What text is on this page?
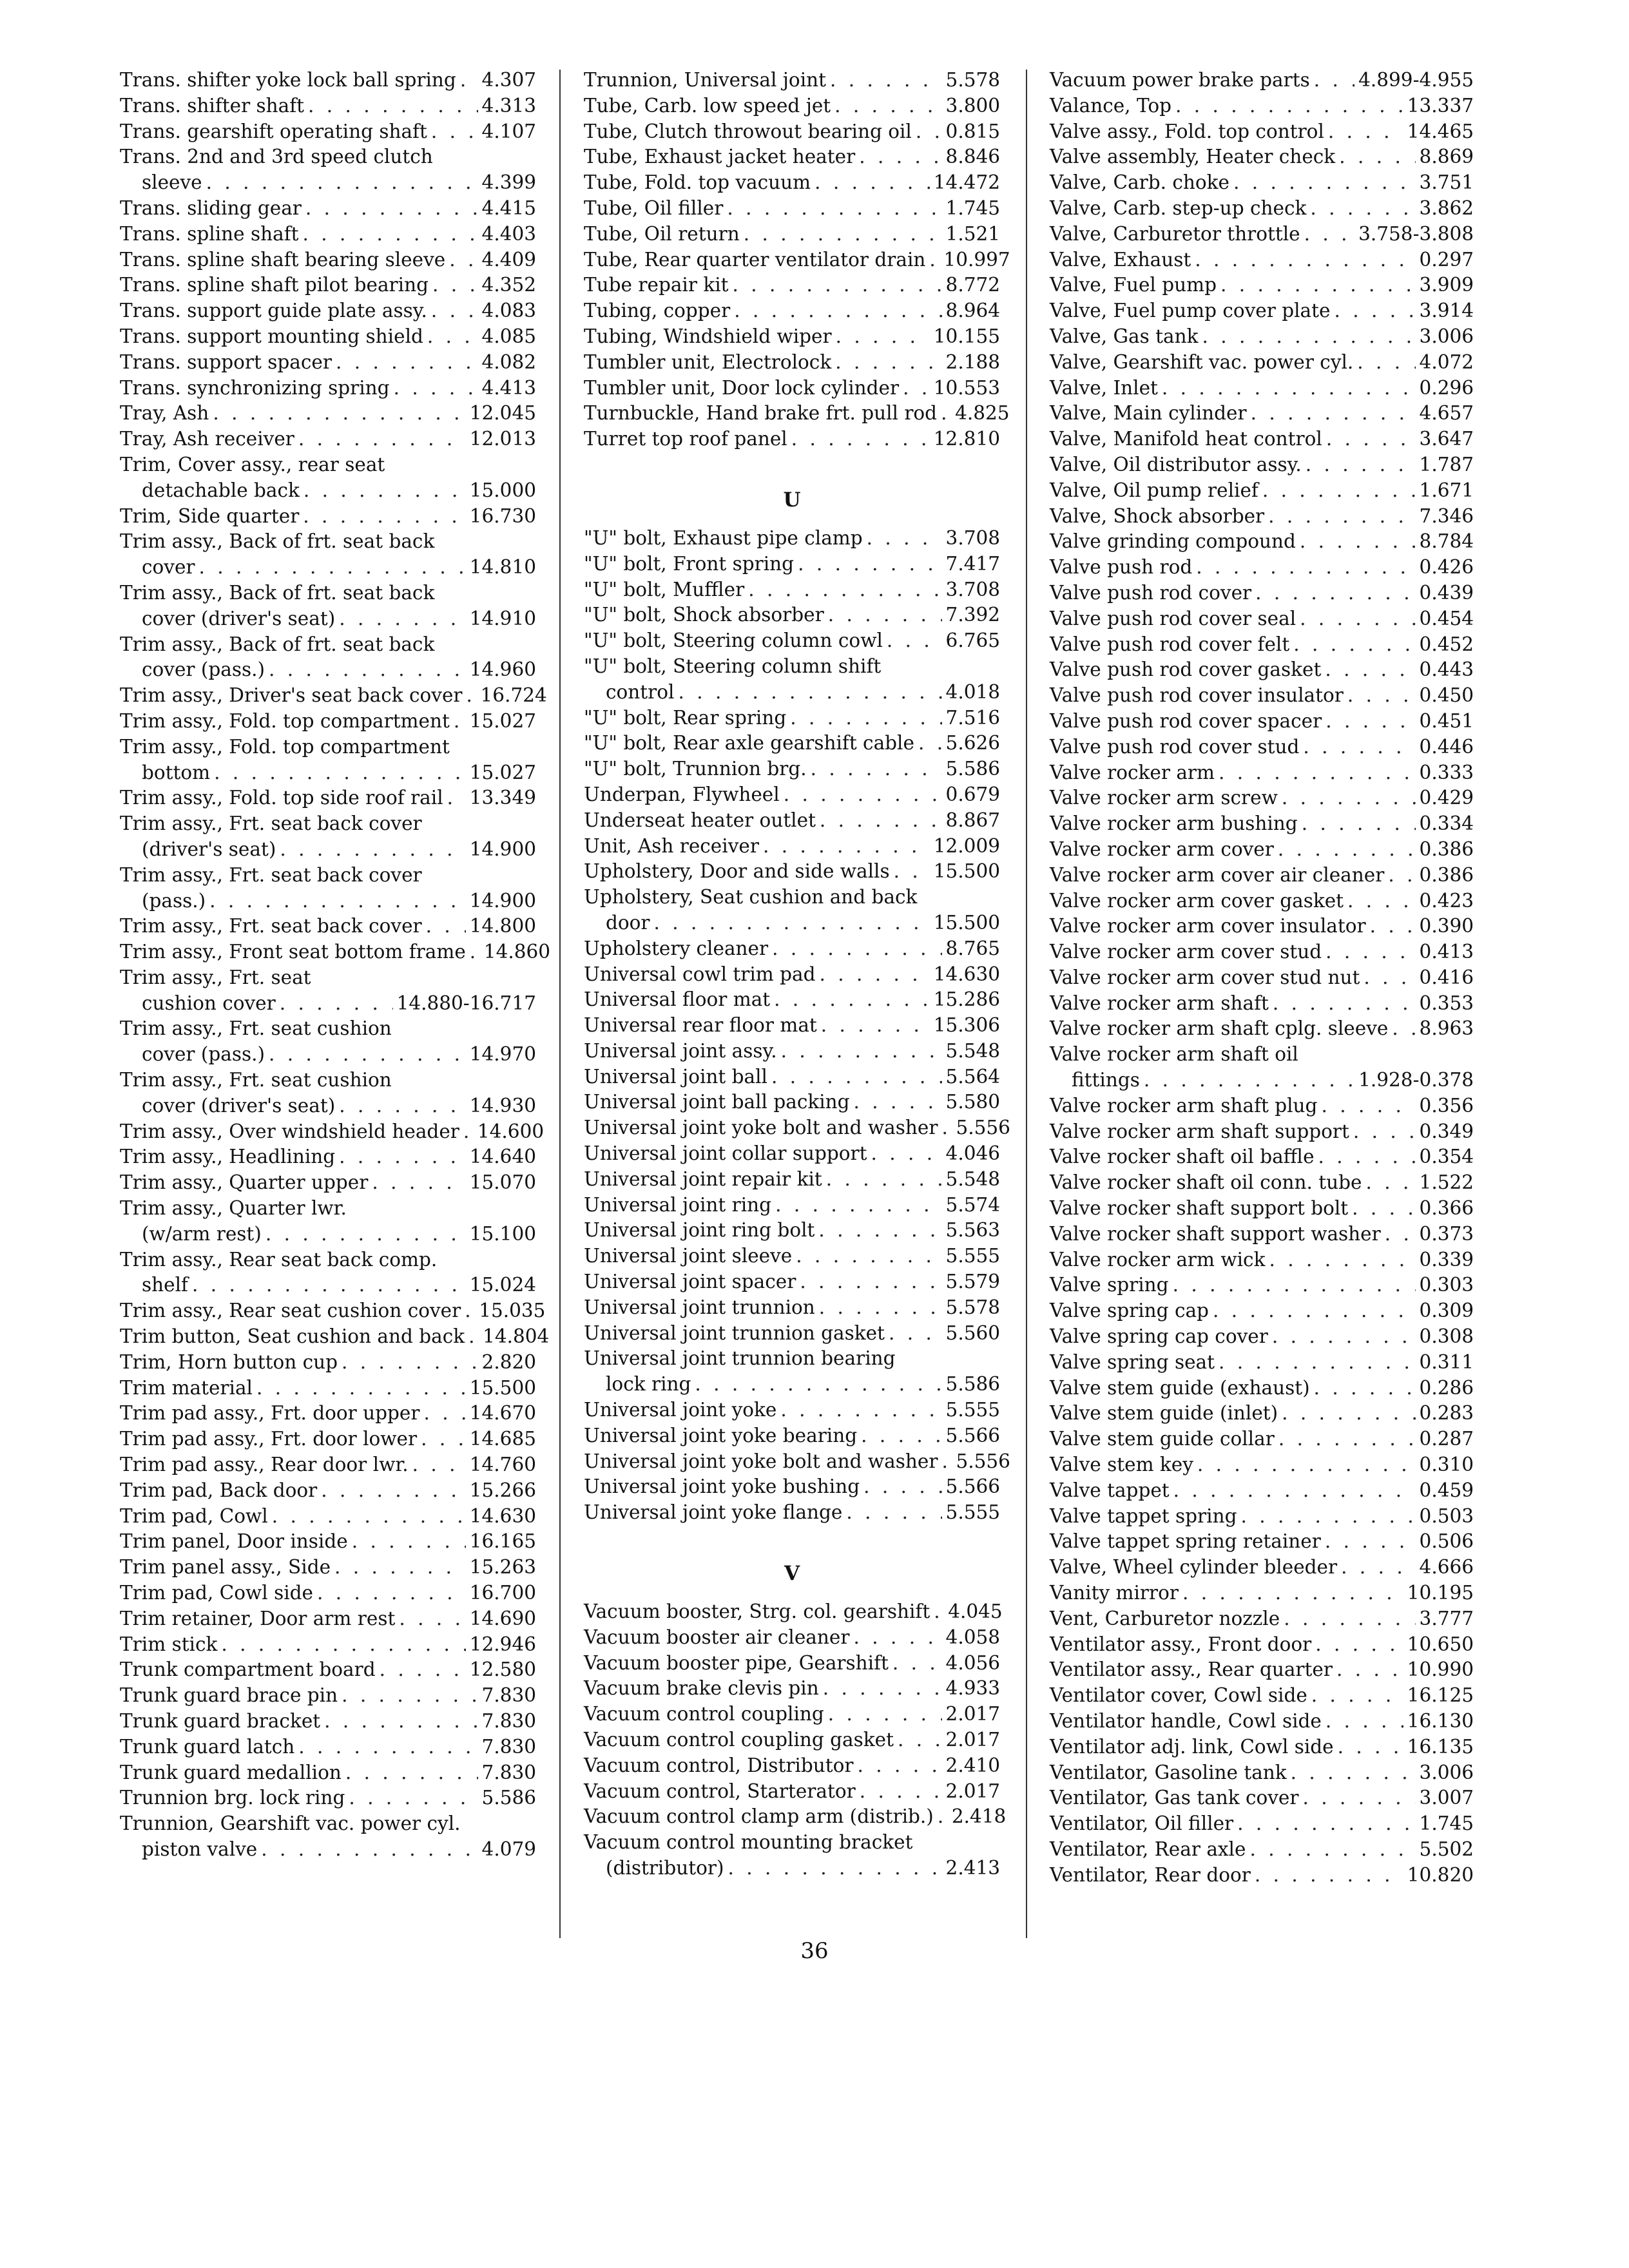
Trans. shifter yoke lock ball spring . . . 4.307
Trans. shifter shaft . . .	4.313
Trans. gearshift operating shaft . . .	4.107
Trans. 2nd and 3rd speed clutch
sleeve . . .	4.399
Trans. sliding gear . . .	4.415
Trans. spline shaft . . .	4.403
Trans. spline shaft bearing sleeve . . . 4.409
Trans. spline shaft pilot bearing . . .	4.352
Trans. support guide plate assy. . . .	4.083
Trans. support mounting shield . . .	4.085
Trans. support spacer . . .	4.082
Trans. synchronizing spring . . .	4.413
Tray, Ash . . .	12.045
Tray, Ash receiver . . .	12.013
Trim, Cover assy., rear seat
detachable back . . .	15.000
Trim, Side quarter . . .	16.730
Trim assy., Back of frt. seat back
cover . . .	14.810
Trim assy., Back of frt. seat back
cover (driver's seat) . . .	14.910
Trim assy., Back of frt. seat back
cover (pass.) . . .	14.960
Trim assy., Driver's seat back cover . . . 16.724
Trim assy., Fold. top compartment . . . 15.027
Trim assy., Fold. top compartment
bottom . . .	15.027
Trim assy., Fold. top side roof rail . . . 13.349
Trim assy., Frt. seat back cover
(driver's seat) . . .	14.900
Trim assy., Frt. seat back cover
(pass.) . . .	14.900
Trim assy., Frt. seat back cover . . .	14.800
Trim assy., Front seat bottom frame . . . 14.860
Trim assy., Frt. seat
cushion cover . . .	14.880-16.717
Trim assy., Frt. seat cushion
cover (pass.) . . .	14.970
Trim assy., Frt. seat cushion
cover (driver's seat) . . .	14.930
Trim assy., Over windshield header . . . 14.600
Trim assy., Headlining . . .	14.640
Trim assy., Quarter upper . . .	15.070
Trim assy., Quarter lwr.
(w/arm rest) . . .	15.100
Trim assy., Rear seat back comp.
shelf . . .	15.024
Trim assy., Rear seat cushion cover . . . 15.035
Trim button, Seat cushion and back . . . 14.804
Trim, Horn button cup . . .	2.820
Trim material . . .	15.500
Trim pad assy., Frt. door upper . . .	14.670
Trim pad assy., Frt. door lower . . .	14.685
Trim pad assy., Rear door lwr. . . .	14.760
Trim pad, Back door . . .	15.266
Trim pad, Cowl . . .	14.630
Trim panel, Door inside . . .	16.165
Trim panel assy., Side . . .	15.263
Trim pad, Cowl side . . .	16.700
Trim retainer, Door arm rest . . .	14.690
Trim stick . . .	12.946
Trunk compartment board . . .	12.580
Trunk guard brace pin . . .	7.830
Trunk guard bracket . . .	7.830
Trunk guard latch . . .	7.830
Trunk guard medallion . . .	7.830
Trunnion brg. lock ring . . .	5.586
Trunnion, Gearshift vac. power cyl.
piston valve . . .	4.079
Trunnion, Universal joint . . .	5.578
Tube, Carb. low speed jet . . .	3.800
Tube, Clutch throwout bearing oil . . . 0.815
Tube, Exhaust jacket heater . . .	8.846
Tube, Fold. top vacuum . . .	14.472
Tube, Oil filler . . .	1.745
Tube, Oil return . . .	1.521
Tube, Rear quarter ventilator drain . . . 10.997
Tube repair kit . . .	8.772
Tubing, copper . . .	8.964
Tubing, Windshield wiper . . .	10.155
Tumbler unit, Electrolock . . .	2.188
Tumbler unit, Door lock cylinder . . . 10.553
Turnbuckle, Hand brake frt. pull rod . . . 4.825
Turret top roof panel . . .	12.810
U
"U" bolt, Exhaust pipe clamp . . .	3.708
"U" bolt, Front spring . . .	7.417
"U" bolt, Muffler . . .	3.708
"U" bolt, Shock absorber . . .	7.392
"U" bolt, Steering column cowl . . .	6.765
"U" bolt, Steering column shift
control . . .	4.018
"U" bolt, Rear spring . . .	7.516
"U" bolt, Rear axle gearshift cable . . . 5.626
"U" bolt, Trunnion brg. . . .	5.586
Underpan, Flywheel . . .	0.679
Underseat heater outlet . . .	8.867
Unit, Ash receiver . . .	12.009
Upholstery, Door and side walls . . . 15.500
Upholstery, Seat cushion and back
door . . .	15.500
Upholstery cleaner . . .	8.765
Universal cowl trim pad . . .	14.630
Universal floor mat . . .	15.286
Universal rear floor mat . . .	15.306
Universal joint assy. . . .	5.548
Universal joint ball . . .	5.564
Universal joint ball packing . . .	5.580
Universal joint yoke bolt and washer . . . 5.556
Universal joint collar support . . .	4.046
Universal joint repair kit . . .	5.548
Universal joint ring . . .	5.574
Universal joint ring bolt . . .	5.563
Universal joint sleeve . . .	5.555
Universal joint spacer . . .	5.579
Universal joint trunnion . . .	5.578
Universal joint trunnion gasket . . .	5.560
Universal joint trunnion bearing
lock ring . . .	5.586
Universal joint yoke . . .	5.555
Universal joint yoke bearing . . .	5.566
Universal joint yoke bolt and washer . . . 5.556
Universal joint yoke bushing . . .	5.566
Universal joint yoke flange . . .	5.555
V
Vacuum booster, Strg. col. gearshift . . . 4.045
Vacuum booster air cleaner . . .	4.058
Vacuum booster pipe, Gearshift . . .	4.056
Vacuum brake clevis pin . . .	4.933
Vacuum control coupling . . .	2.017
Vacuum control coupling gasket . . .	2.017
Vacuum control, Distributor . . .	2.410
Vacuum control, Starterator . . .	2.017
Vacuum control clamp arm (distrib.) . . . 2.418
Vacuum control mounting bracket
(distributor) . . .	2.413
Vacuum power brake parts . . .	4.899-4.955
Valance, Top . . .	13.337
Valve assy., Fold. top control . . .	14.465
Valve assembly, Heater check . . .	8.869
Valve, Carb. choke . . .	3.751
Valve, Carb. step-up check . . .	3.862
Valve, Carburetor throttle . . .	3.758-3.808
Valve, Exhaust . . .	0.297
Valve, Fuel pump . . .	3.909
Valve, Fuel pump cover plate . . .	3.914
Valve, Gas tank . . .	3.006
Valve, Gearshift vac. power cyl. . . .	4.072
Valve, Inlet . . .	0.296
Valve, Main cylinder . . .	4.657
Valve, Manifold heat control . . .	3.647
Valve, Oil distributor assy. . . .	1.787
Valve, Oil pump relief . . .	1.671
Valve, Shock absorber . . .	7.346
Valve grinding compound . . .	8.784
Valve push rod . . .	0.426
Valve push rod cover . . .	0.439
Valve push rod cover seal . . .	0.454
Valve push rod cover felt . . .	0.452
Valve push rod cover gasket . . .	0.443
Valve push rod cover insulator . . .	0.450
Valve push rod cover spacer . . .	0.451
Valve push rod cover stud . . .	0.446
Valve rocker arm . . .	0.333
Valve rocker arm screw . . .	0.429
Valve rocker arm bushing . . .	0.334
Valve rocker arm cover . . .	0.386
Valve rocker arm cover air cleaner . . . 0.386
Valve rocker arm cover gasket . . .	0.423
Valve rocker arm cover insulator . . .	0.390
Valve rocker arm cover stud . . .	0.413
Valve rocker arm cover stud nut . . .	0.416
Valve rocker arm shaft . . .	0.353
Valve rocker arm shaft cplg. sleeve . . . 8.963
Valve rocker arm shaft oil
fittings . . .	1.928-0.378
Valve rocker arm shaft plug . . .	0.356
Valve rocker arm shaft support . . .	0.349
Valve rocker shaft oil baffle . . .	0.354
Valve rocker shaft oil conn. tube . . .	1.522
Valve rocker shaft support bolt . . .	0.366
Valve rocker shaft support washer . . . 0.373
Valve rocker arm wick . . .	0.339
Valve spring . . .	0.303
Valve spring cap . . .	0.309
Valve spring cap cover . . .	0.308
Valve spring seat . . .	0.311
Valve stem guide (exhaust) . . .	0.286
Valve stem guide (inlet) . . .	0.283
Valve stem guide collar . . .	0.287
Valve stem key . . .	0.310
Valve tappet . . .	0.459
Valve tappet spring . . .	0.503
Valve tappet spring retainer . . .	0.506
Valve, Wheel cylinder bleeder . . .	4.666
Vanity mirror . . .	10.195
Vent, Carburetor nozzle . . .	3.777
Ventilator assy., Front door . . .	10.650
Ventilator assy., Rear quarter . . .	10.990
Ventilator cover, Cowl side . . .	16.125
Ventilator handle, Cowl side . . .	16.130
Ventilator adj. link, Cowl side . . .	16.135
Ventilator, Gasoline tank . . .	3.006
Ventilator, Gas tank cover . . .	3.007
Ventilator, Oil filler . . .	1.745
Ventilator, Rear axle . . .	5.502
Ventilator, Rear door . . .	10.820
36
